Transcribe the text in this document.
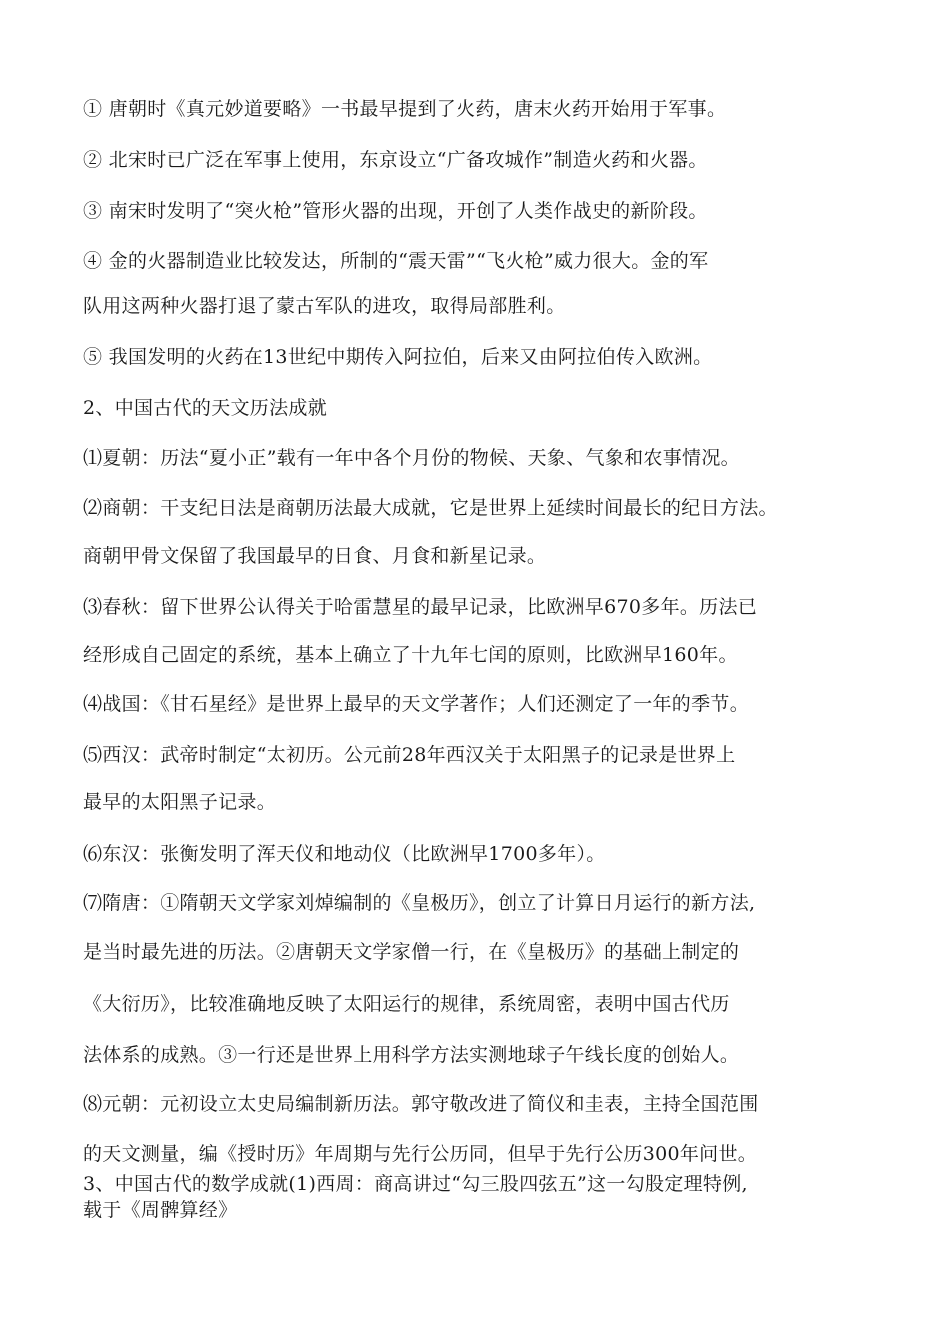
① 唐朝时《真元妙道要略》一书最早提到了火药，唐末火药开始用于军事。
② 北宋时已广泛在军事上使用，东京设立“广备攻城作”制造火药和火器。
③ 南宋时发明了“突火枪”管形火器的出现，开创了人类作战史的新阶段。
④ 金的火器制造业比较发达，所制的“震天雷”“飞火枪”威力很大。金的军
队用这两种火器打退了蒙古军队的进攻，取得局部胜利。
⑤ 我国发明的火药在13世纪中期传入阿拉伯，后来又由阿拉伯传入欧洲。
2、中国古代的天文历法成就
⑴夏朝：历法“夏小正”载有一年中各个月份的物候、天象、气象和农事情况。
⑵商朝：干支纪日法是商朝历法最大成就，它是世界上延续时间最长的纪日方法。
商朝甲骨文保留了我国最早的日食、月食和新星记录。
⑶春秋：留下世界公认得关于哈雷慧星的最早记录，比欧洲早670多年。历法已
经形成自己固定的系统，基本上确立了十九年七闰的原则，比欧洲早160年。
⑷战国：《甘石星经》是世界上最早的天文学著作；人们还测定了一年的季节。
⑸西汉：武帝时制定“太初历。公元前28年西汉关于太阳黑子的记录是世界上
最早的太阳黑子记录。
⑹东汉：张衡发明了浑天仪和地动仪（比欧洲早1700多年）。
⑺隋唐：①隋朝天文学家刘焯编制的《皇极历》，创立了计算日月运行的新方法,
是当时最先进的历法。②唐朝天文学家僧一行，在《皇极历》的基础上制定的
《大衍历》，比较准确地反映了太阳运行的规律，系统周密，表明中国古代历
法体系的成熟。③一行还是世界上用科学方法实测地球子午线长度的创始人。
⑻元朝：元初设立太史局编制新历法。郭守敬改进了简仪和圭表，主持全国范围
的天文测量，编《授时历》年周期与先行公历同，但早于先行公历300年问世。
3、中国古代的数学成就(1)西周：商高讲过“勾三股四弦五”这一勾股定理特例,
载于《周髀算经》
